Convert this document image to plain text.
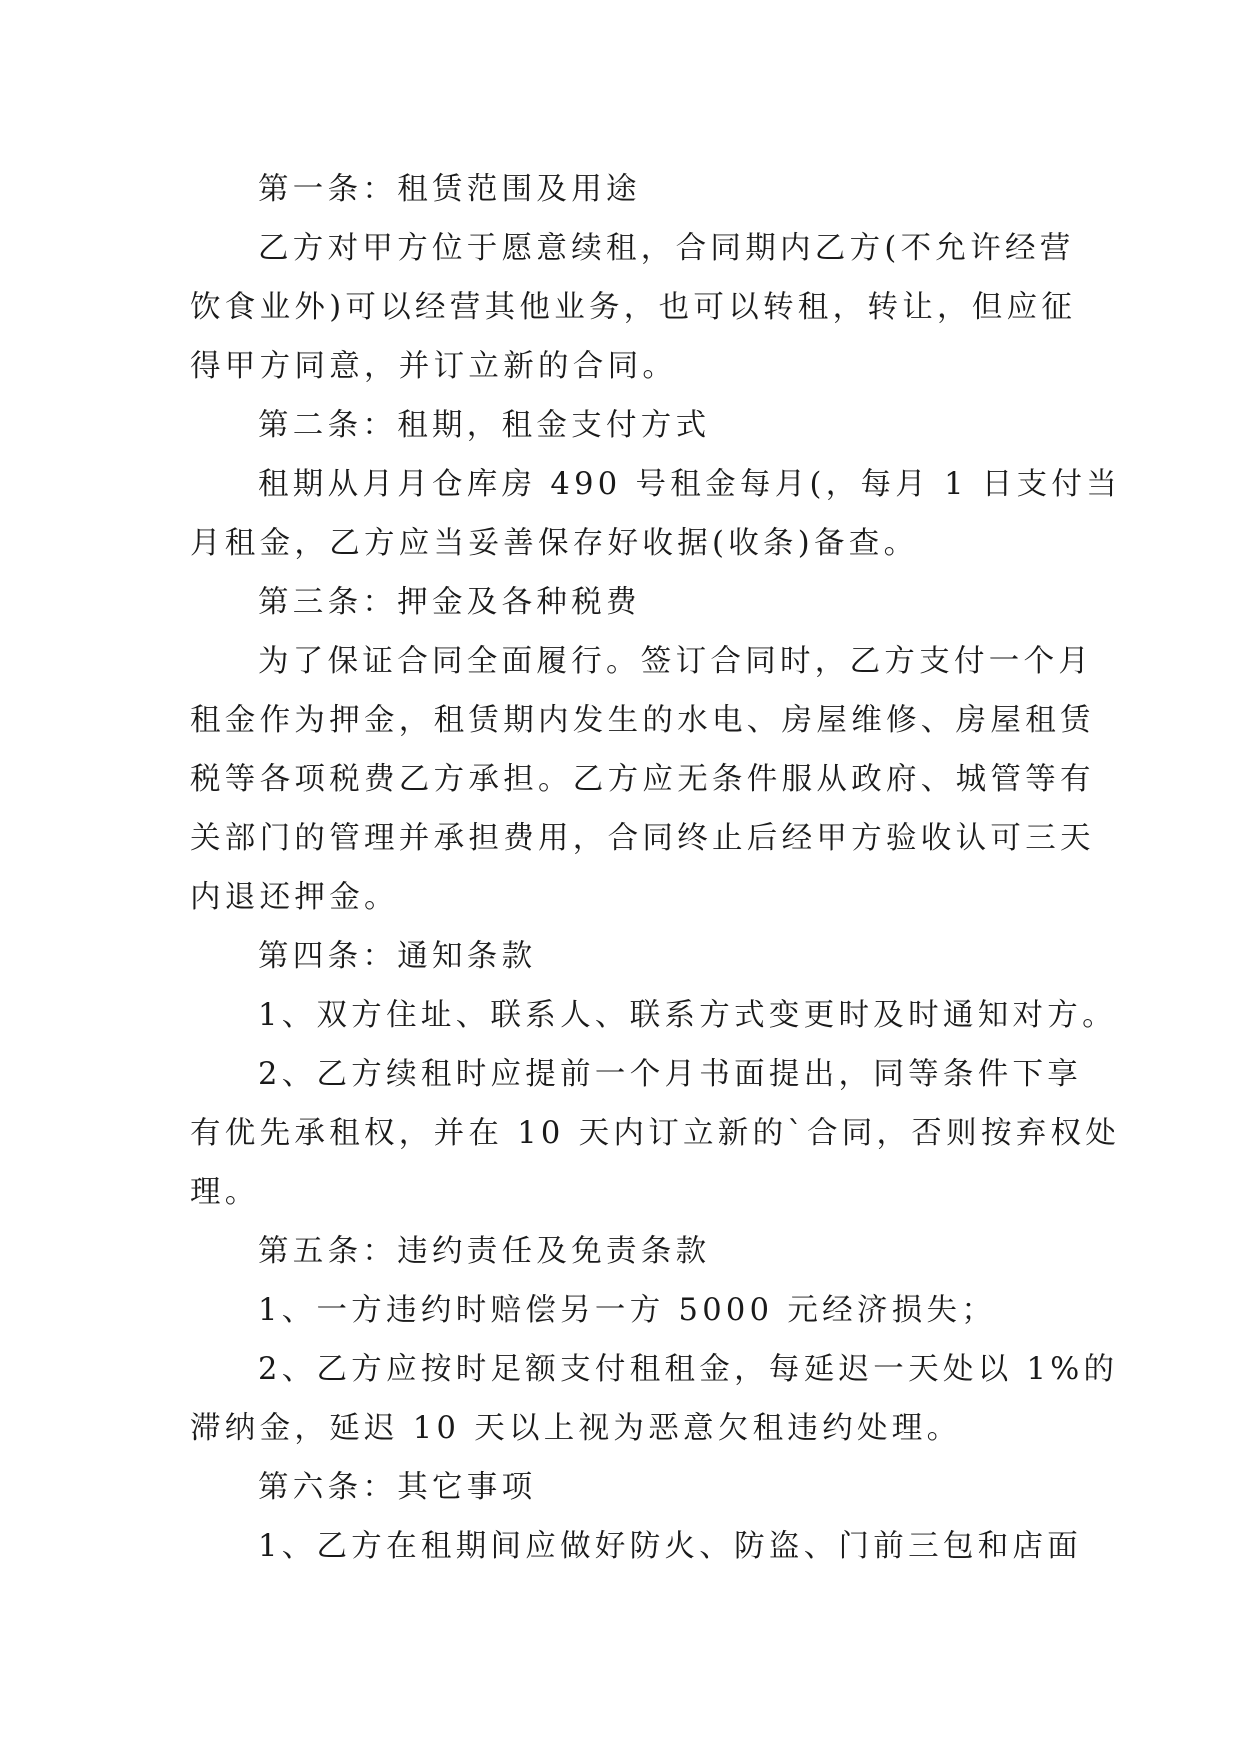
第一条：租赁范围及用途
乙方对甲方位于愿意续租，合同期内乙方(不允许经营
饮食业外)可以经营其他业务，也可以转租，转让，但应征
得甲方同意，并订立新的合同。
第二条：租期，租金支付方式
租期从月月仓库房 490 号租金每月(，每月 1 日支付当
月租金，乙方应当妥善保存好收据(收条)备查。
第三条：押金及各种税费
为了保证合同全面履行。签订合同时，乙方支付一个月
租金作为押金，租赁期内发生的水电、房屋维修、房屋租赁
税等各项税费乙方承担。乙方应无条件服从政府、城管等有
关部门的管理并承担费用，合同终止后经甲方验收认可三天
内退还押金。
第四条：通知条款
1、双方住址、联系人、联系方式变更时及时通知对方。
2、乙方续租时应提前一个月书面提出，同等条件下享
有优先承租权，并在 10 天内订立新的`合同，否则按弃权处
理。
第五条：违约责任及免责条款
1、一方违约时赔偿另一方 5000 元经济损失；
2、乙方应按时足额支付租租金，每延迟一天处以 1%的
滞纳金，延迟 10 天以上视为恶意欠租违约处理。
第六条：其它事项
1、乙方在租期间应做好防火、防盗、门前三包和店面
